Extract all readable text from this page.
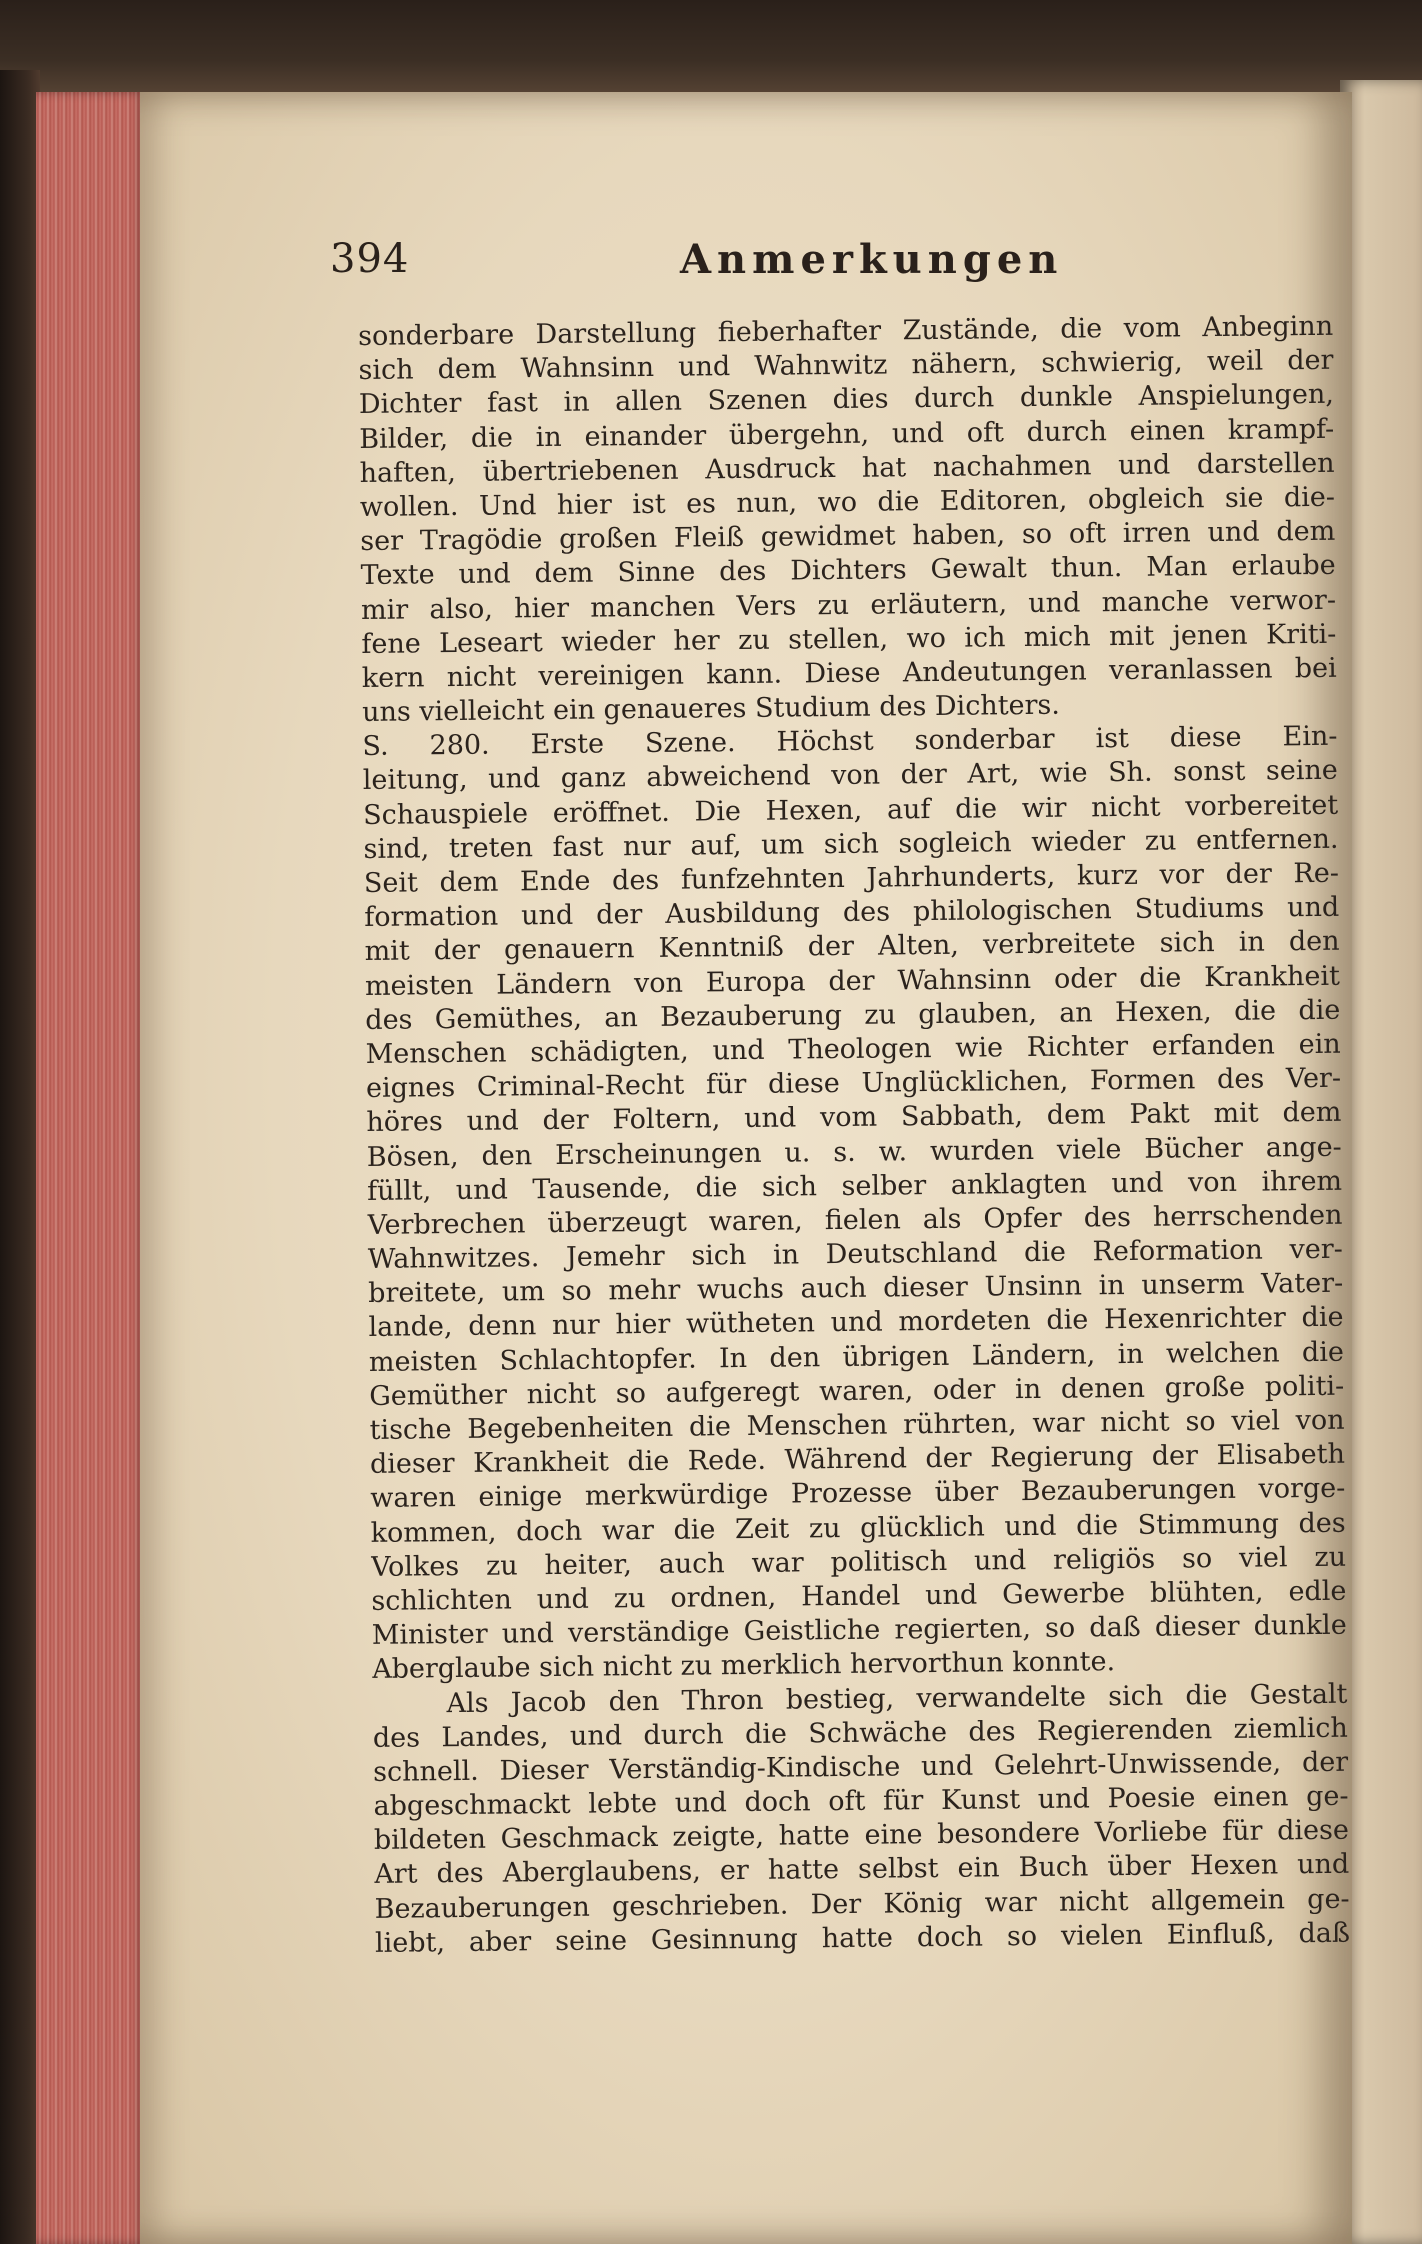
394	Anmerkungen
sonderbare Darstellung fieberhafter Zustände, die vom Anbeginn
sich dem Wahnsinn und Wahnwitz nähern, schwierig, weil der
Dichter fast in allen Szenen dies durch dunkle Anspielungen,
Bilder, die in einander übergehn, und oft durch einen krampf-
haften, übertriebenen Ausdruck hat nachahmen und darstellen
wollen. Und hier ist es nun, wo die Editoren, obgleich sie die-
ser Tragödie großen Fleiß gewidmet haben, so oft irren und dem
Texte und dem Sinne des Dichters Gewalt thun. Man erlaube
mir also, hier manchen Vers zu erläutern, und manche verwor-
fene Leseart wieder her zu stellen, wo ich mich mit jenen Kriti-
kern nicht vereinigen kann. Diese Andeutungen veranlassen bei
uns vielleicht ein genaueres Studium des Dichters.
S. 280. Erste Szene. Höchst sonderbar ist diese Ein-
leitung, und ganz abweichend von der Art, wie Sh. sonst seine
Schauspiele eröffnet. Die Hexen, auf die wir nicht vorbereitet
sind, treten fast nur auf, um sich sogleich wieder zu entfernen.
Seit dem Ende des funfzehnten Jahrhunderts, kurz vor der Re-
formation und der Ausbildung des philologischen Studiums und
mit der genauern Kenntniß der Alten, verbreitete sich in den
meisten Ländern von Europa der Wahnsinn oder die Krankheit
des Gemüthes, an Bezauberung zu glauben, an Hexen, die die
Menschen schädigten, und Theologen wie Richter erfanden ein
eignes Criminal-Recht für diese Unglücklichen, Formen des Ver-
höres und der Foltern, und vom Sabbath, dem Pakt mit dem
Bösen, den Erscheinungen u. s. w. wurden viele Bücher ange-
füllt, und Tausende, die sich selber anklagten und von ihrem
Verbrechen überzeugt waren, fielen als Opfer des herrschenden
Wahnwitzes. Jemehr sich in Deutschland die Reformation ver-
breitete, um so mehr wuchs auch dieser Unsinn in unserm Vater-
lande, denn nur hier wütheten und mordeten die Hexenrichter die
meisten Schlachtopfer. In den übrigen Ländern, in welchen die
Gemüther nicht so aufgeregt waren, oder in denen große politi-
tische Begebenheiten die Menschen rührten, war nicht so viel von
dieser Krankheit die Rede. Während der Regierung der Elisabeth
waren einige merkwürdige Prozesse über Bezauberungen vorge-
kommen, doch war die Zeit zu glücklich und die Stimmung des
Volkes zu heiter, auch war politisch und religiös so viel zu
schlichten und zu ordnen, Handel und Gewerbe blühten, edle
Minister und verständige Geistliche regierten, so daß dieser dunkle
Aberglaube sich nicht zu merklich hervorthun konnte.
Als Jacob den Thron bestieg, verwandelte sich die Gestalt
des Landes, und durch die Schwäche des Regierenden ziemlich
schnell. Dieser Verständig-Kindische und Gelehrt-Unwissende, der
abgeschmackt lebte und doch oft für Kunst und Poesie einen ge-
bildeten Geschmack zeigte, hatte eine besondere Vorliebe für diese
Art des Aberglaubens, er hatte selbst ein Buch über Hexen und
Bezauberungen geschrieben. Der König war nicht allgemein ge-
liebt, aber seine Gesinnung hatte doch so vielen Einfluß, daß
